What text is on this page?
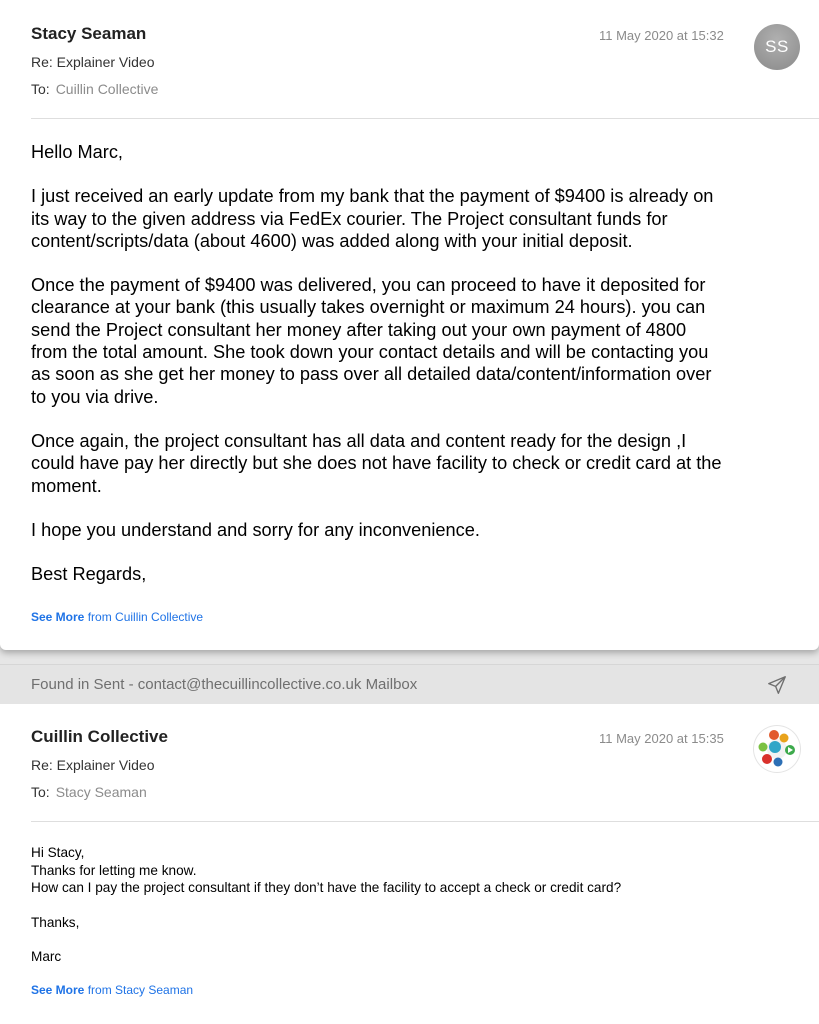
Stacy Seaman	11 May 2020 at 15:32
SS
Re: Explainer Video
To: Cuillin Collective

Hello Marc,

I just received an early update from my bank that the payment of $9400 is already on
its way to the given address via FedEx courier. The Project consultant funds for
content/scripts/data (about 4600) was added along with your initial deposit.

Once the payment of $9400 was delivered, you can proceed to have it deposited for
clearance at your bank (this usually takes overnight or maximum 24 hours). you can
send the Project consultant her money after taking out your own payment of 4800
from the total amount. She took down your contact details and will be contacting you
as soon as she get her money to pass over all detailed data/content/information over
to you via drive.

Once again, the project consultant has all data and content ready for the design ,I
could have pay her directly but she does not have facility to check or credit card at the
moment.

I hope you understand and sorry for any inconvenience.

Best Regards,

See More from Cuillin Collective
Found in Sent - contact@thecuillincollective.co.uk Mailbox
Cuillin Collective	11 May 2020 at 15:35
Re: Explainer Video
To: Stacy Seaman

Hi Stacy,
Thanks for letting me know.
How can I pay the project consultant if they don’t have the facility to accept a check or credit card?

Thanks,

Marc

See More from Stacy Seaman
